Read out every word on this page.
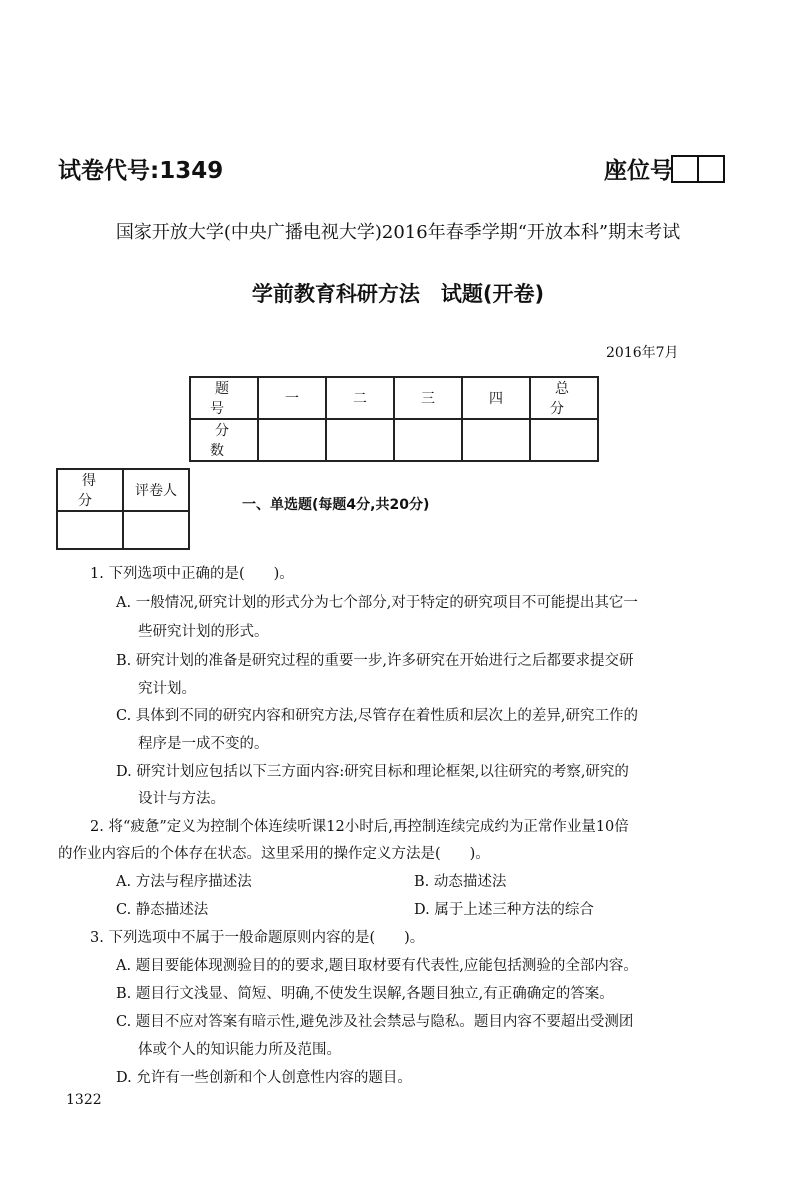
试卷代号:1349	座位号
国家开放大学(中央广播电视大学)2016年春季学期“开放本科”期末考试
学前教育科研方法　试题(开卷)
2016年7月
题　号	一	二	三	四	总　分
分　数					
得　分	评卷人

一、单选题(每题4分,共20分)
1. 下列选项中正确的是(　　)。
A. 一般情况,研究计划的形式分为七个部分,对于特定的研究项目不可能提出其它一
些研究计划的形式。
B. 研究计划的准备是研究过程的重要一步,许多研究在开始进行之后都要求提交研
究计划。
C. 具体到不同的研究内容和研究方法,尽管存在着性质和层次上的差异,研究工作的
程序是一成不变的。
D. 研究计划应包括以下三方面内容:研究目标和理论框架,以往研究的考察,研究的
设计与方法。
2. 将“疲惫”定义为控制个体连续听课12小时后,再控制连续完成约为正常作业量10倍
的作业内容后的个体存在状态。这里采用的操作定义方法是(　　)。
A. 方法与程序描述法	B. 动态描述法
C. 静态描述法	D. 属于上述三种方法的综合
3. 下列选项中不属于一般命题原则内容的是(　　)。
A. 题目要能体现测验目的的要求,题目取材要有代表性,应能包括测验的全部内容。
B. 题目行文浅显、简短、明确,不使发生误解,各题目独立,有正确确定的答案。
C. 题目不应对答案有暗示性,避免涉及社会禁忌与隐私。题目内容不要超出受测团
体或个人的知识能力所及范围。
D. 允许有一些创新和个人创意性内容的题目。
1322
